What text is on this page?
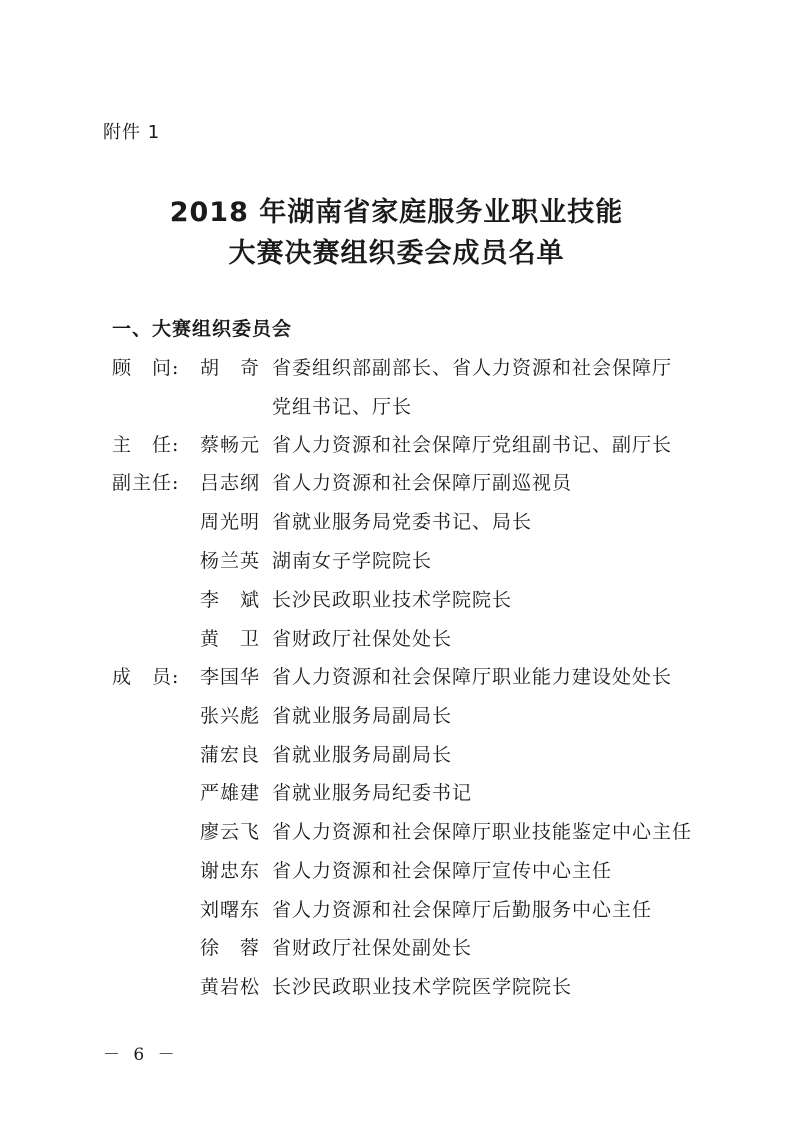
附件 1
2018 年湖南省家庭服务业职业技能
大赛决赛组织委会成员名单
一、大赛组织委员会
顾　问:	胡　奇 省委组织部副部长、省人力资源和社会保障厅
党组书记、厅长
主　任:	蔡畅元 省人力资源和社会保障厅党组副书记、副厅长
副主任:	吕志纲 省人力资源和社会保障厅副巡视员
周光明 省就业服务局党委书记、局长
杨兰英 湖南女子学院院长
李　斌 长沙民政职业技术学院院长
黄　卫 省财政厅社保处处长
成　员:	李国华 省人力资源和社会保障厅职业能力建设处处长
张兴彪 省就业服务局副局长
蒲宏良 省就业服务局副局长
严雄建 省就业服务局纪委书记
廖云飞 省人力资源和社会保障厅职业技能鉴定中心主任
谢忠东 省人力资源和社会保障厅宣传中心主任
刘曙东 省人力资源和社会保障厅后勤服务中心主任
徐　蓉 省财政厅社保处副处长
黄岩松 长沙民政职业技术学院医学院院长
－ 6 －
